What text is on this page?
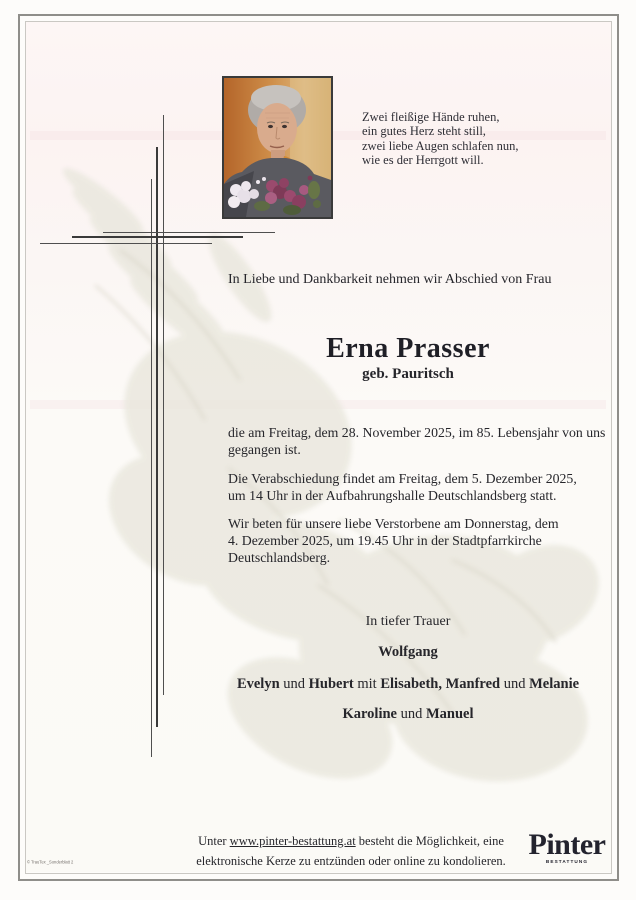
Zwei fleißige Hände ruhen,
ein gutes Herz steht still,
zwei liebe Augen schlafen nun,
wie es der Herrgott will.
In Liebe und Dankbarkeit nehmen wir Abschied von Frau
Erna Prasser
geb. Pauritsch
die am Freitag, dem 28. November 2025, im 85. Lebensjahr von uns
gegangen ist.
Die Verabschiedung findet am Freitag, dem 5. Dezember 2025,
um 14 Uhr in der Aufbahrungshalle Deutschlandsberg statt.
Wir beten für unsere liebe Verstorbene am Donnerstag, dem
4. Dezember 2025, um 19.45 Uhr in der Stadtpfarrkirche
Deutschlandsberg.
In tiefer Trauer
Wolfgang
Evelyn und Hubert mit Elisabeth, Manfred und Melanie
Karoline und Manuel
Unter www.pinter-bestattung.at besteht die Möglichkeit, eine
elektronische Kerze zu entzünden oder online zu kondolieren. Pinter
BESTATTUNG
© TrauTex _Sonderblatt 2
